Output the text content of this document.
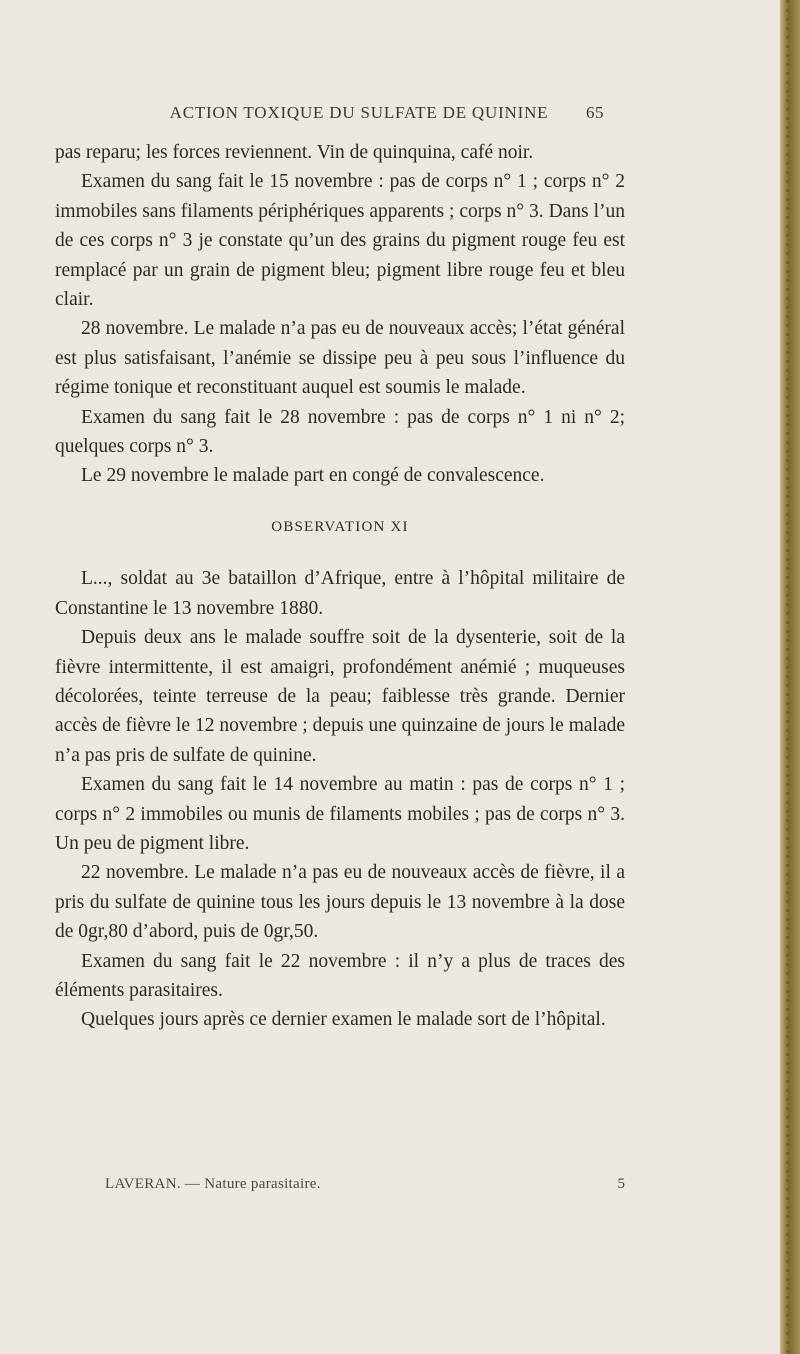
ACTION TOXIQUE DU SULFATE DE QUININE	65

pas reparu; les forces reviennent. Vin de quinquina, café noir.

Examen du sang fait le 15 novembre : pas de corps n° 1 ; corps n° 2 immobiles sans filaments périphériques apparents ; corps n° 3. Dans l’un de ces corps n° 3 je constate qu’un des grains du pigment rouge feu est remplacé par un grain de pigment bleu; pigment libre rouge feu et bleu clair.

28 novembre. Le malade n’a pas eu de nouveaux accès; l’état général est plus satisfaisant, l’anémie se dissipe peu à peu sous l’influence du régime tonique et reconstituant auquel est soumis le malade.

Examen du sang fait le 28 novembre : pas de corps n° 1 ni n° 2; quelques corps n° 3.

Le 29 novembre le malade part en congé de convalescence.

OBSERVATION XI

L..., soldat au 3e bataillon d’Afrique, entre à l’hôpital militaire de Constantine le 13 novembre 1880.

Depuis deux ans le malade souffre soit de la dysenterie, soit de la fièvre intermittente, il est amaigri, profondément anémié ; muqueuses décolorées, teinte terreuse de la peau; faiblesse très grande. Dernier accès de fièvre le 12 novembre ; depuis une quinzaine de jours le malade n’a pas pris de sulfate de quinine.

Examen du sang fait le 14 novembre au matin : pas de corps n° 1 ; corps n° 2 immobiles ou munis de filaments mobiles ; pas de corps n° 3. Un peu de pigment libre.

22 novembre. Le malade n’a pas eu de nouveaux accès de fièvre, il a pris du sulfate de quinine tous les jours depuis le 13 novembre à la dose de 0gr,80 d’abord, puis de 0gr,50.

Examen du sang fait le 22 novembre : il n’y a plus de traces des éléments parasitaires.

Quelques jours après ce dernier examen le malade sort de l’hôpital.

LAVERAN. — Nature parasitaire.	5
